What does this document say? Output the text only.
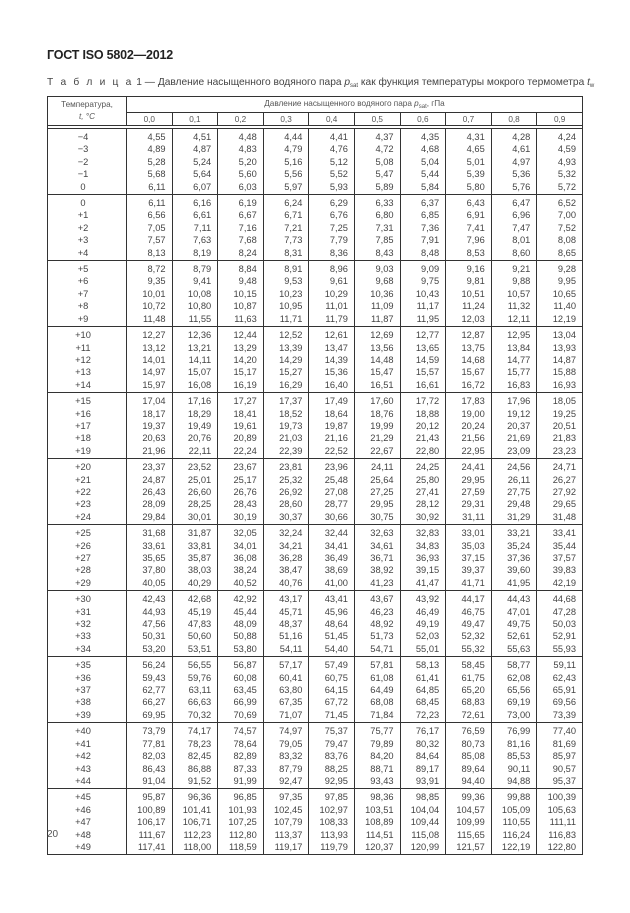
ГОСТ ISO 5802—2012
Т а б л и ц а 1 — Давление насыщенного водяного пара $p_{sat}$ как функция температуры мокрого термометра $t_w$
Температура,
t, °C	Давление насыщенного водяного пара $p_{sat}$, гПа
0,0	0,1	0,2	0,3	0,4	0,5	0,6	0,7	0,8	0,9

−4	4,55	4,51	4,48	4,44	4,41	4,37	4,35	4,31	4,28	4,24
−3	4,89	4,87	4,83	4,79	4,76	4,72	4,68	4,65	4,61	4,59
−2	5,28	5,24	5,20	5,16	5,12	5,08	5,04	5,01	4,97	4,93
−1	5,68	5,64	5,60	5,56	5,52	5,47	5,44	5,39	5,36	5,32
0	6,11	6,07	6,03	5,97	5,93	5,89	5,84	5,80	5,76	5,72
0	6,11	6,16	6,19	6,24	6,29	6,33	6,37	6,43	6,47	6,52
+1	6,56	6,61	6,67	6,71	6,76	6,80	6,85	6,91	6,96	7,00
+2	7,05	7,11	7,16	7,21	7,25	7,31	7,36	7,41	7,47	7,52
+3	7,57	7,63	7,68	7,73	7,79	7,85	7,91	7,96	8,01	8,08
+4	8,13	8,19	8,24	8,31	8,36	8,43	8,48	8,53	8,60	8,65
+5	8,72	8,79	8,84	8,91	8,96	9,03	9,09	9,16	9,21	9,28
+6	9,35	9,41	9,48	9,53	9,61	9,68	9,75	9,81	9,88	9,95
+7	10,01	10,08	10,15	10,23	10,29	10,36	10,43	10,51	10,57	10,65
+8	10,72	10,80	10,87	10,95	11,01	11,09	11,17	11,24	11,32	11,40
+9	11,48	11,55	11,63	11,71	11,79	11,87	11,95	12,03	12,11	12,19
+10	12,27	12,36	12,44	12,52	12,61	12,69	12,77	12,87	12,95	13,04
+11	13,12	13,21	13,29	13,39	13,47	13,56	13,65	13,75	13,84	13,93
+12	14,01	14,11	14,20	14,29	14,39	14,48	14,59	14,68	14,77	14,87
+13	14,97	15,07	15,17	15,27	15,36	15,47	15,57	15,67	15,77	15,88
+14	15,97	16,08	16,19	16,29	16,40	16,51	16,61	16,72	16,83	16,93
+15	17,04	17,16	17,27	17,37	17,49	17,60	17,72	17,83	17,96	18,05
+16	18,17	18,29	18,41	18,52	18,64	18,76	18,88	19,00	19,12	19,25
+17	19,37	19,49	19,61	19,73	19,87	19,99	20,12	20,24	20,37	20,51
+18	20,63	20,76	20,89	21,03	21,16	21,29	21,43	21,56	21,69	21,83
+19	21,96	22,11	22,24	22,39	22,52	22,67	22,80	22,95	23,09	23,23
+20	23,37	23,52	23,67	23,81	23,96	24,11	24,25	24,41	24,56	24,71
+21	24,87	25,01	25,17	25,32	25,48	25,64	25,80	29,95	26,11	26,27
+22	26,43	26,60	26,76	26,92	27,08	27,25	27,41	27,59	27,75	27,92
+23	28,09	28,25	28,43	28,60	28,77	29,95	28,12	29,31	29,48	29,65
+24	29,84	30,01	30,19	30,37	30,66	30,75	30,92	31,11	31,29	31,48
+25	31,68	31,87	32,05	32,24	32,44	32,63	32,83	33,01	33,21	33,41
+26	33,61	33,81	34,01	34,21	34,41	34,61	34,83	35,03	35,24	35,44
+27	35,65	35,87	36,08	36,28	36,49	36,71	36,93	37,15	37,36	37,57
+28	37,80	38,03	38,24	38,47	38,69	38,92	39,15	39,37	39,60	39,83
+29	40,05	40,29	40,52	40,76	41,00	41,23	41,47	41,71	41,95	42,19
+30	42,43	42,68	42,92	43,17	43,41	43,67	43,92	44,17	44,43	44,68
+31	44,93	45,19	45,44	45,71	45,96	46,23	46,49	46,75	47,01	47,28
+32	47,56	47,83	48,09	48,37	48,64	48,92	49,19	49,47	49,75	50,03
+33	50,31	50,60	50,88	51,16	51,45	51,73	52,03	52,32	52,61	52,91
+34	53,20	53,51	53,80	54,11	54,40	54,71	55,01	55,32	55,63	55,93
+35	56,24	56,55	56,87	57,17	57,49	57,81	58,13	58,45	58,77	59,11
+36	59,43	59,76	60,08	60,41	60,75	61,08	61,41	61,75	62,08	62,43
+37	62,77	63,11	63,45	63,80	64,15	64,49	64,85	65,20	65,56	65,91
+38	66,27	66,63	66,99	67,35	67,72	68,08	68,45	68,83	69,19	69,56
+39	69,95	70,32	70,69	71,07	71,45	71,84	72,23	72,61	73,00	73,39
+40	73,79	74,17	74,57	74,97	75,37	75,77	76,17	76,59	76,99	77,40
+41	77,81	78,23	78,64	79,05	79,47	79,89	80,32	80,73	81,16	81,69
+42	82,03	82,45	82,89	83,32	83,76	84,20	84,64	85,08	85,53	85,97
+43	86,43	86,88	87,33	87,79	88,25	88,71	89,17	89,64	90,11	90,57
+44	91,04	91,52	91,99	92,47	92,95	93,43	93,91	94,40	94,88	95,37
+45	95,87	96,36	96,85	97,35	97,85	98,36	98,85	99,36	99,88	100,39
+46	100,89	101,41	101,93	102,45	102,97	103,51	104,04	104,57	105,09	105,63
+47	106,17	106,71	107,25	107,79	108,33	108,89	109,44	109,99	110,55	111,11
+48	111,67	112,23	112,80	113,37	113,93	114,51	115,08	115,65	116,24	116,83
+49	117,41	118,00	118,59	119,17	119,79	120,37	120,99	121,57	122,19	122,80
20
